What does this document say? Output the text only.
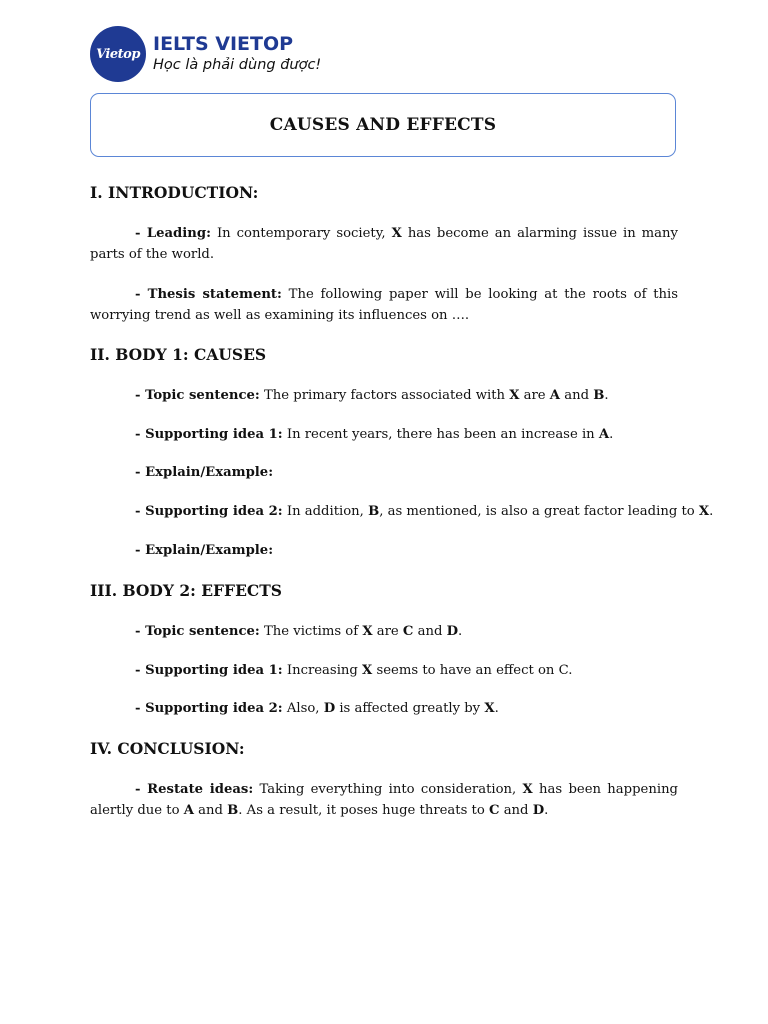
Vietop IELTS VIETOP
Học là phải dùng được!
CAUSES AND EFFECTS
I. INTRODUCTION:
- Leading: In contemporary society, X has become an alarming issue in many parts of the world.
- Thesis statement: The following paper will be looking at the roots of this worrying trend as well as examining its influences on ….
II. BODY 1: CAUSES
- Topic sentence: The primary factors associated with X are A and B.
- Supporting idea 1: In recent years, there has been an increase in A.
- Explain/Example:
- Supporting idea 2: In addition, B, as mentioned, is also a great factor leading to X.
- Explain/Example:
III. BODY 2: EFFECTS
- Topic sentence: The victims of X are C and D.
- Supporting idea 1: Increasing X seems to have an effect on C.
- Supporting idea 2: Also, D is affected greatly by X.
IV. CONCLUSION:
- Restate ideas: Taking everything into consideration, X has been happening alertly due to A and B. As a result, it poses huge threats to C and D.
